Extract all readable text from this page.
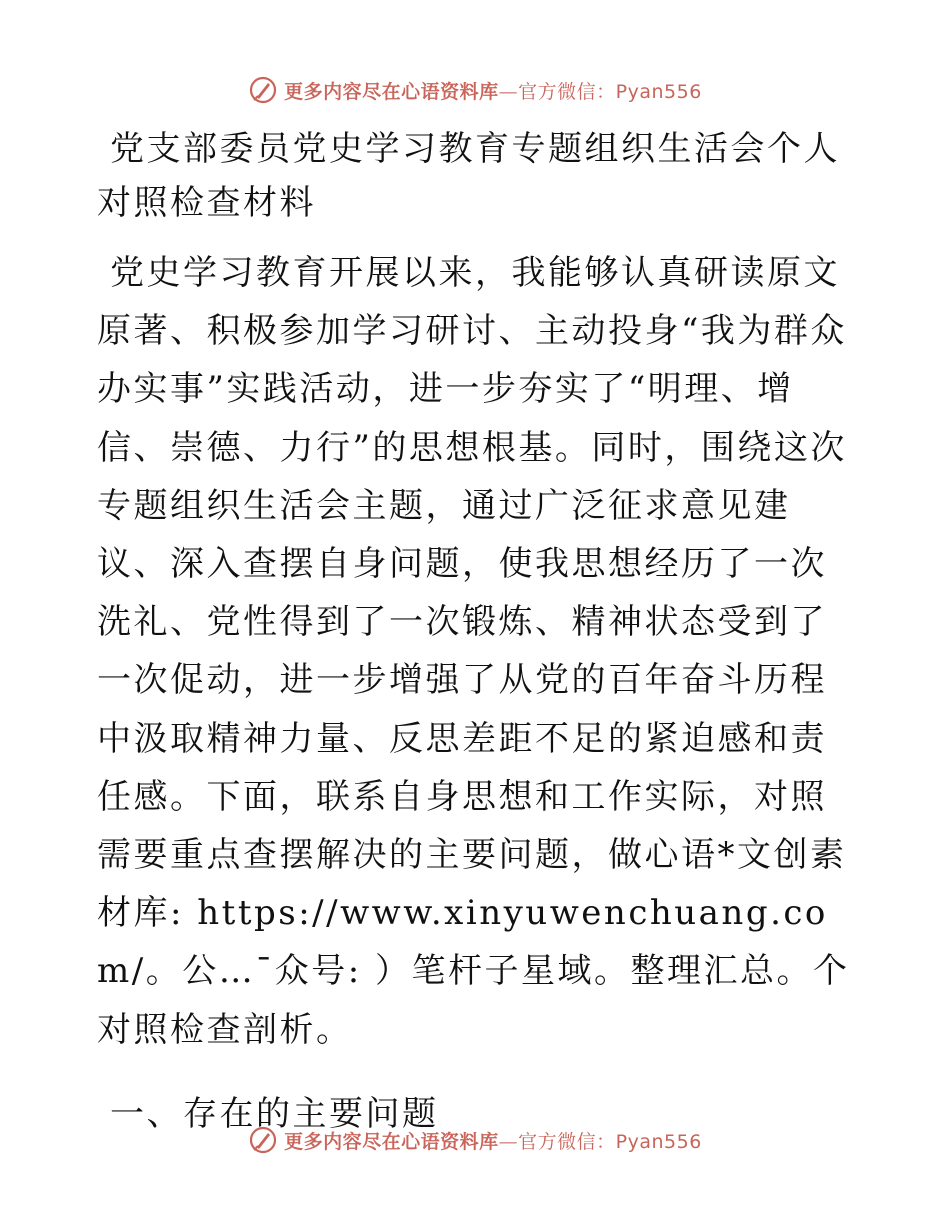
更多内容尽在心语资料库—官方微信：Pyan556
党支部委员党史学习教育专题组织生活会个人对照检查材料

党史学习教育开展以来，我能够认真研读原文原著、积极参加学习研讨、主动投身“我为群众办实事”实践活动，进一步夯实了“明理、增信、崇德、力行”的思想根基。同时，围绕这次专题组织生活会主题，通过广泛征求意见建议、深入查摆自身问题，使我思想经历了一次洗礼、党性得到了一次锻炼、精神状态受到了一次促动，进一步增强了从党的百年奋斗历程中汲取精神力量、反思差距不足的紧迫感和责任感。下面，联系自身思想和工作实际，对照需要重点查摆解决的主要问题，做心语*文创素材库: https://www.xinyuwenchuang.com/。公…¯众号: ）笔杆子星域。整理汇总。个对照检查剖析。

一、存在的主要问题
更多内容尽在心语资料库—官方微信：Pyan556
